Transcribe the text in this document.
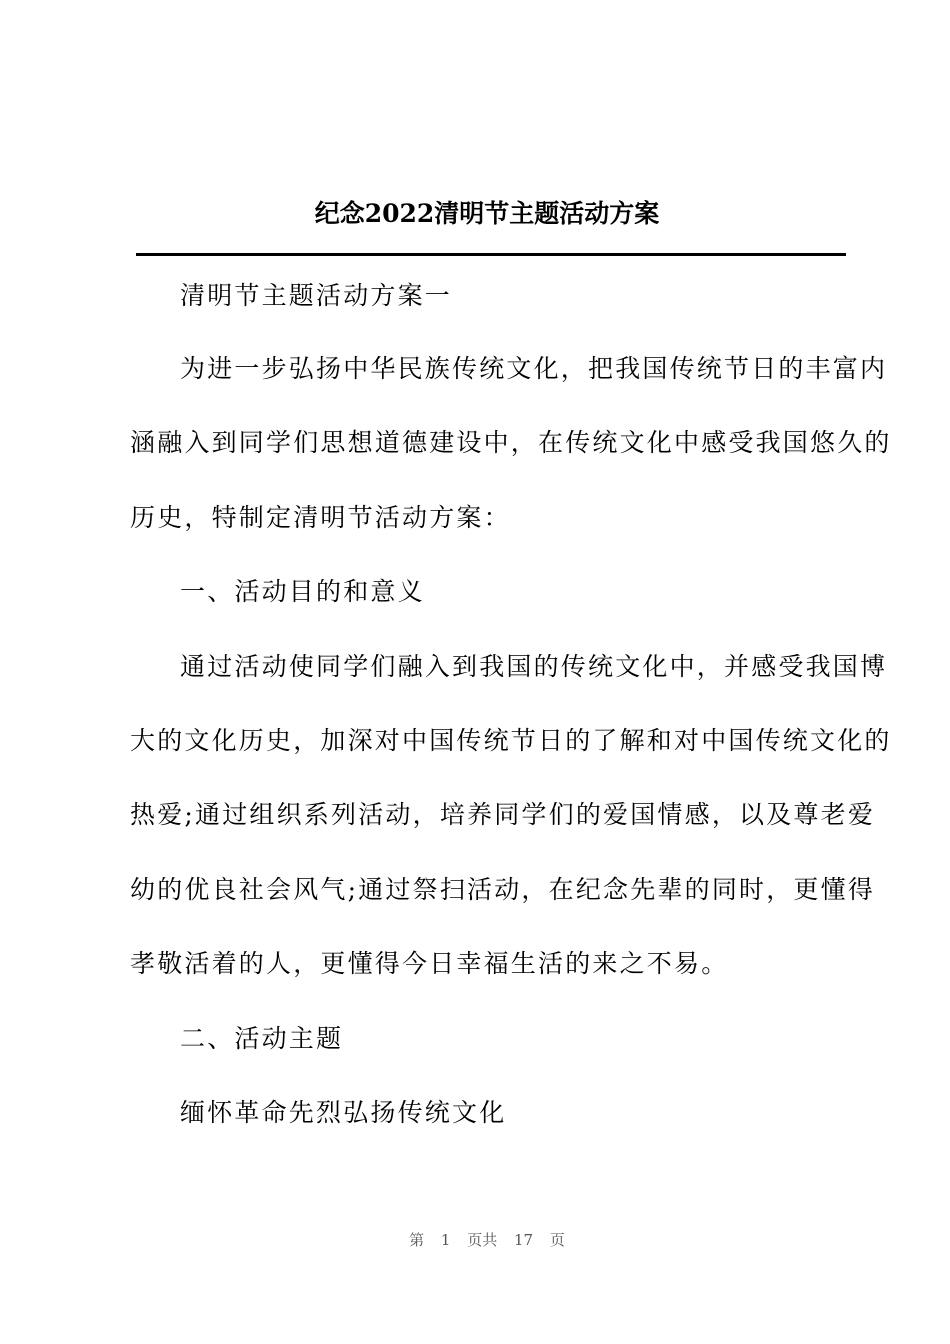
纪念2022清明节主题活动方案
清明节主题活动方案一
为进一步弘扬中华民族传统文化，把我国传统节日的丰富内
涵融入到同学们思想道德建设中，在传统文化中感受我国悠久的
历史，特制定清明节活动方案：
一、活动目的和意义
通过活动使同学们融入到我国的传统文化中，并感受我国博
大的文化历史，加深对中国传统节日的了解和对中国传统文化的
热爱;通过组织系列活动，培养同学们的爱国情感，以及尊老爱
幼的优良社会风气;通过祭扫活动，在纪念先辈的同时，更懂得
孝敬活着的人，更懂得今日幸福生活的来之不易。
二、活动主题
缅怀革命先烈弘扬传统文化
第 1 页共 17 页
